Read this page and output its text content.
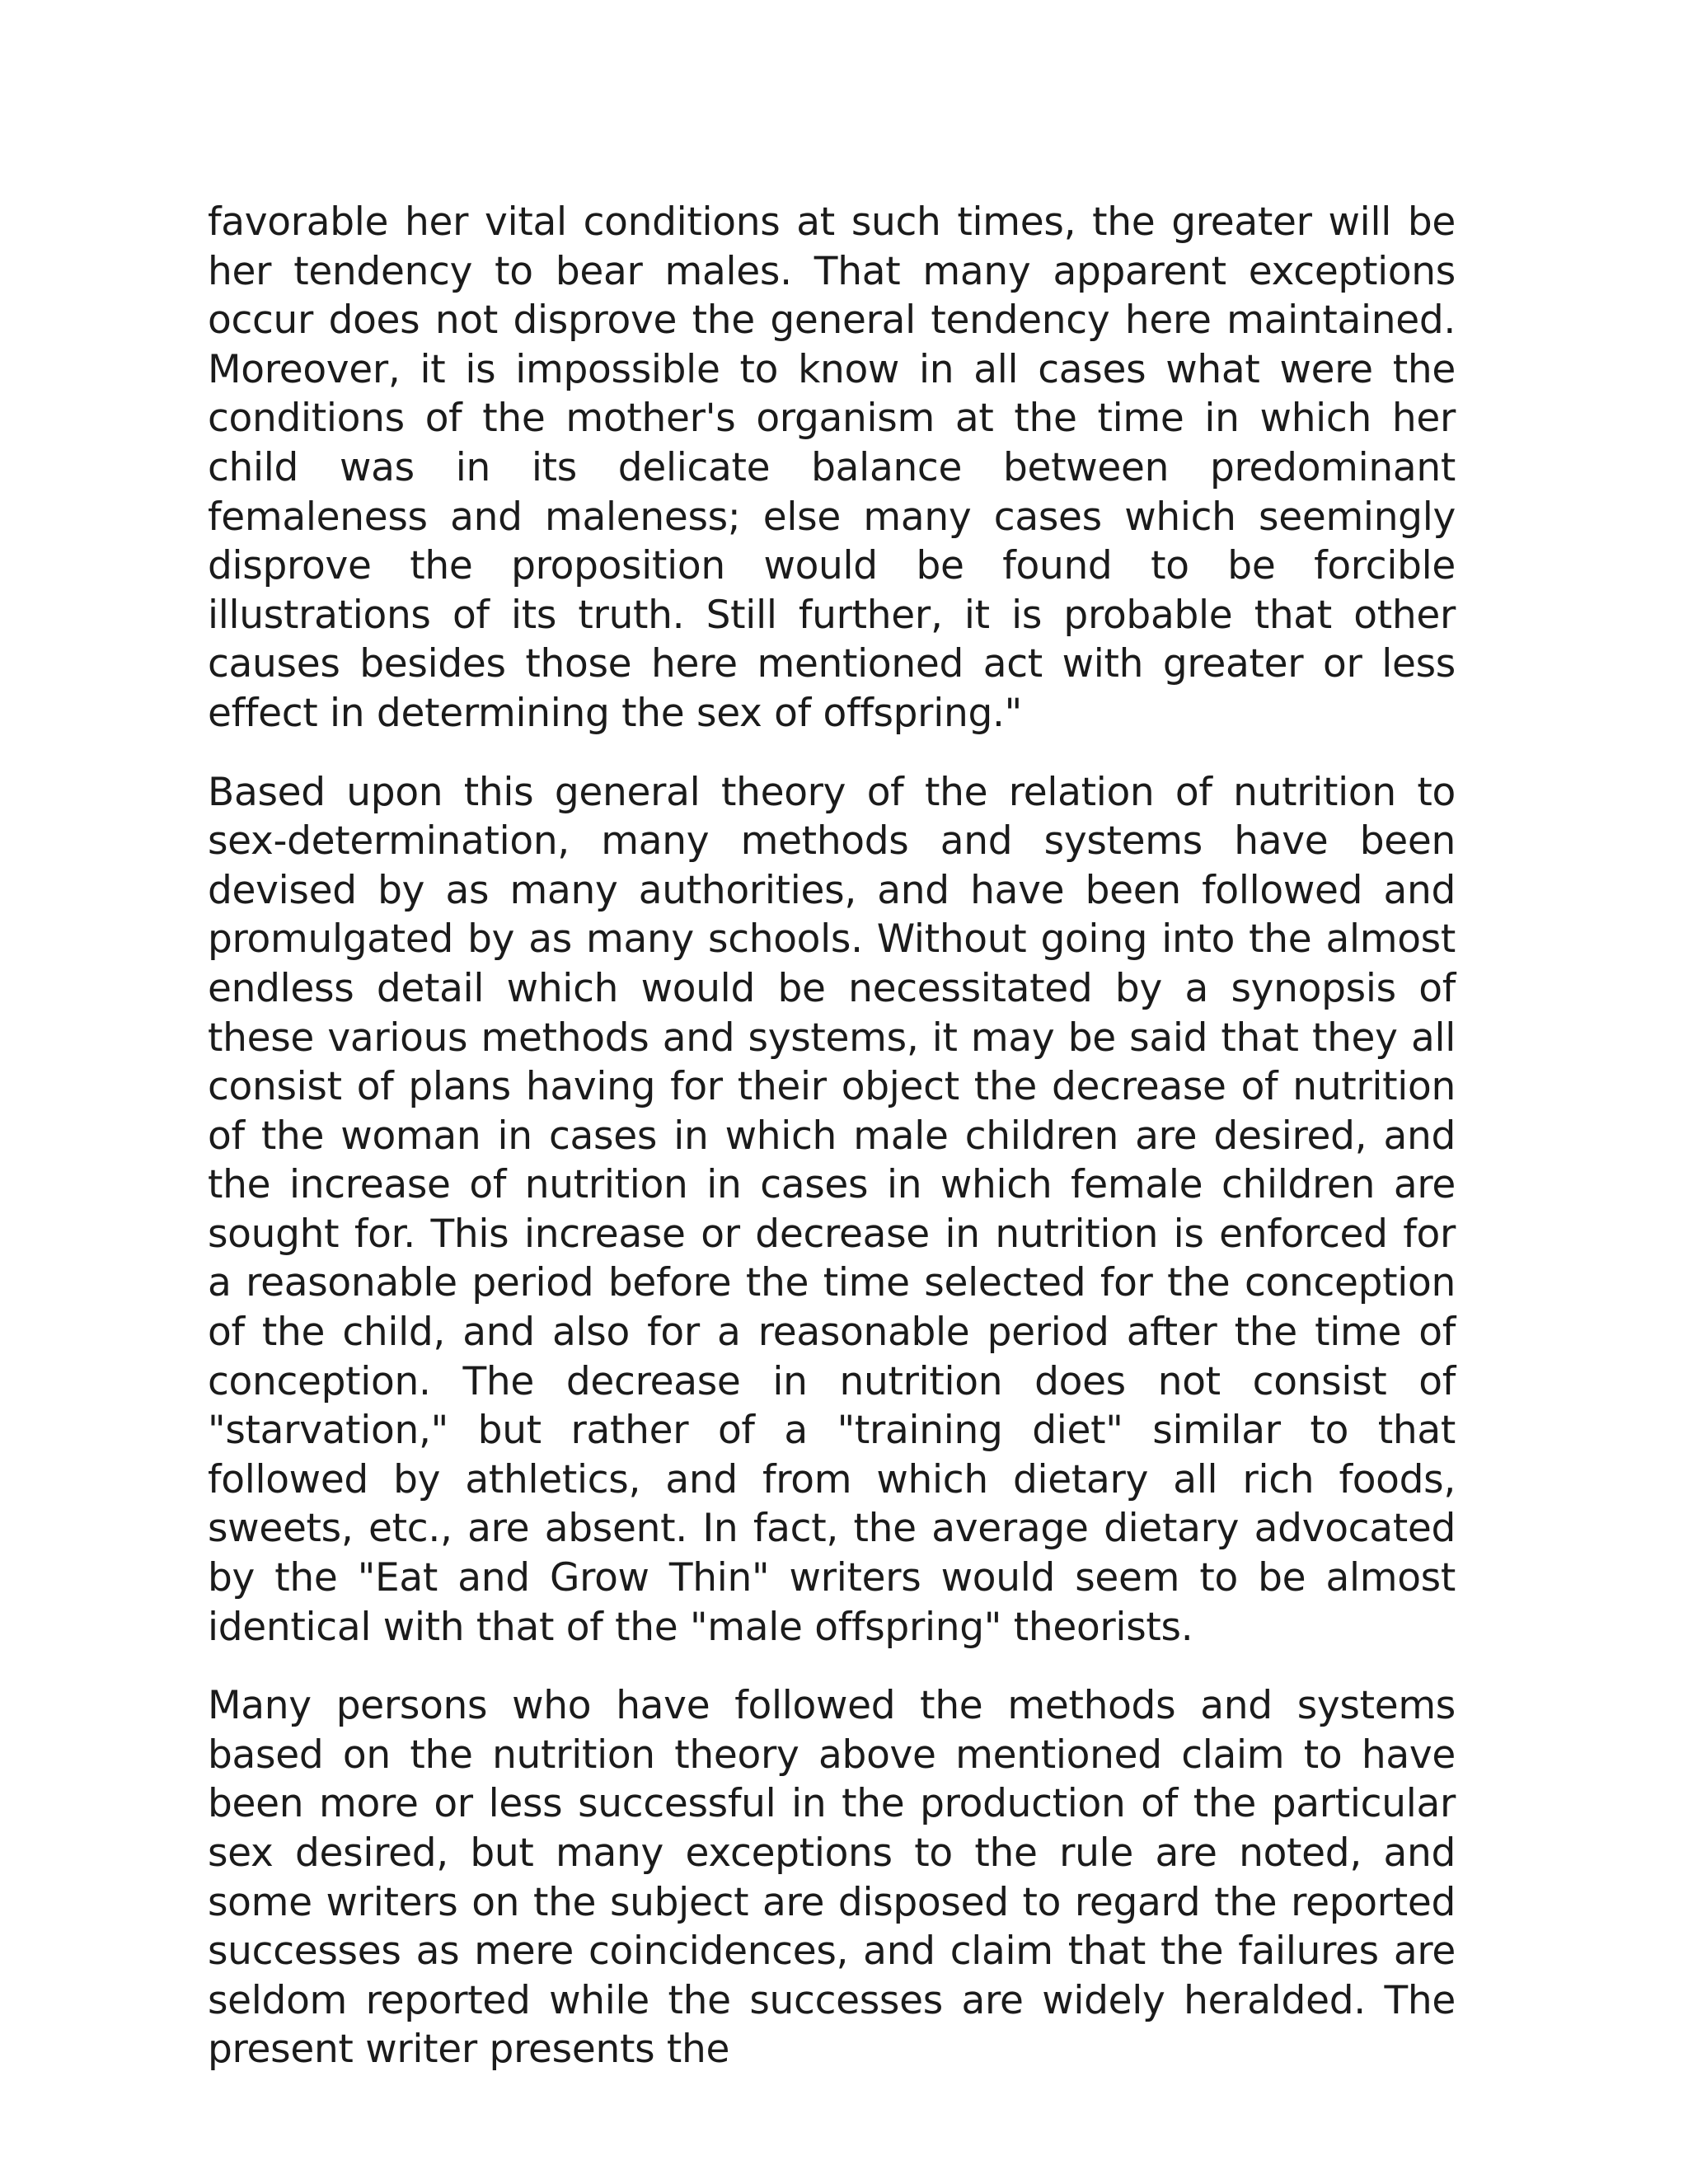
favorable her vital conditions at such times, the greater will be her tendency to bear males. That many apparent exceptions occur does not disprove the general tendency here maintained. Moreover, it is impossible to know in all cases what were the conditions of the mother's organism at the time in which her child was in its delicate balance between predominant femaleness and maleness; else many cases which seemingly disprove the proposition would be found to be forcible illustrations of its truth. Still further, it is probable that other causes besides those here mentioned act with greater or less effect in determining the sex of offspring."

Based upon this general theory of the relation of nutrition to sex-determination, many methods and systems have been devised by as many authorities, and have been followed and promulgated by as many schools. Without going into the almost endless detail which would be necessitated by a synopsis of these various methods and systems, it may be said that they all consist of plans having for their object the decrease of nutrition of the woman in cases in which male children are desired, and the increase of nutrition in cases in which female children are sought for. This increase or decrease in nutrition is enforced for a reasonable period before the time selected for the conception of the child, and also for a reasonable period after the time of conception. The decrease in nutrition does not consist of "starvation," but rather of a "training diet" similar to that followed by athletics, and from which dietary all rich foods, sweets, etc., are absent. In fact, the average dietary advocated by the "Eat and Grow Thin" writers would seem to be almost identical with that of the "male offspring" theorists.

Many persons who have followed the methods and systems based on the nutrition theory above mentioned claim to have been more or less successful in the production of the particular sex desired, but many exceptions to the rule are noted, and some writers on the subject are disposed to regard the reported successes as mere coincidences, and claim that the failures are seldom reported while the successes are widely heralded. The present writer presents the
